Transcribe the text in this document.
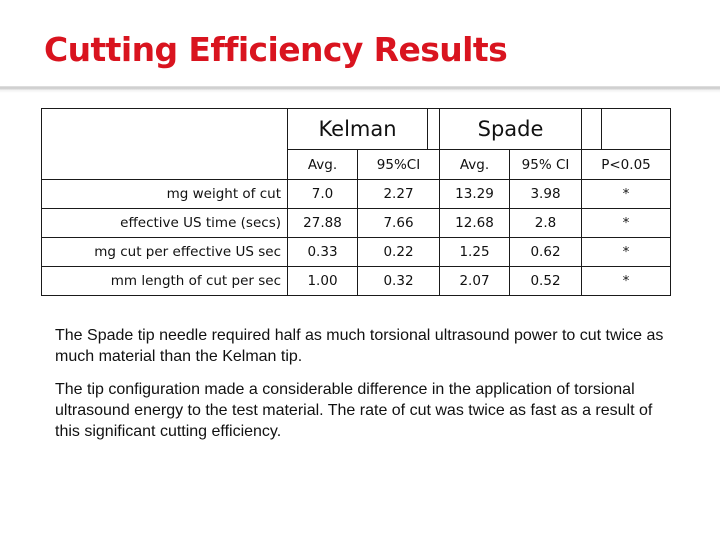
Cutting Efficiency Results
	Kelman			Spade			
	Avg.	95%CI		Avg.	95% CI	P<0.05	
mg weight of cut	7.0	2.27		13.29	3.98	*	
effective US time (secs)	27.88	7.66		12.68	2.8	*	
mg cut per effective US sec	0.33	0.22		1.25	0.62	*	
mm length of cut per sec	1.00	0.32		2.07	0.52	*	
The Spade tip needle required half as much torsional ultrasound power to cut twice as much material than the Kelman tip.
The tip configuration made a considerable difference in the application of torsional ultrasound energy to the test material. The rate of cut was twice as fast as a result of this significant cutting efficiency.
